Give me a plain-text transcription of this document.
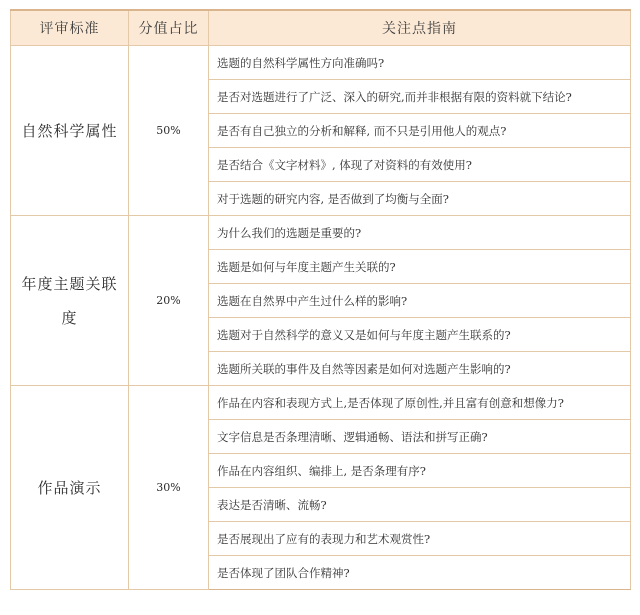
评审标准	分值占比	关注点指南
自然科学属性	50%	选题的自然科学属性方向准确吗?
		是否对选题进行了广泛、深入的研究,而并非根据有限的资料就下结论?
		是否有自己独立的分析和解释, 而不只是引用他人的观点?
		是否结合《文字材料》, 体现了对资料的有效使用?
		对于选题的研究内容, 是否做到了均衡与全面?
年度主题关联度	20%	为什么我们的选题是重要的?
		选题是如何与年度主题产生关联的?
		选题在自然界中产生过什么样的影响?
		选题对于自然科学的意义又是如何与年度主题产生联系的?
		选题所关联的事件及自然等因素是如何对选题产生影响的?
作品演示	30%	作品在内容和表现方式上,是否体现了原创性,并且富有创意和想像力?
		文字信息是否条理清晰、逻辑通畅、语法和拼写正确?
		作品在内容组织、编排上, 是否条理有序?
		表达是否清晰、流畅?
		是否展现出了应有的表现力和艺术观赏性?
		是否体现了团队合作精神?
